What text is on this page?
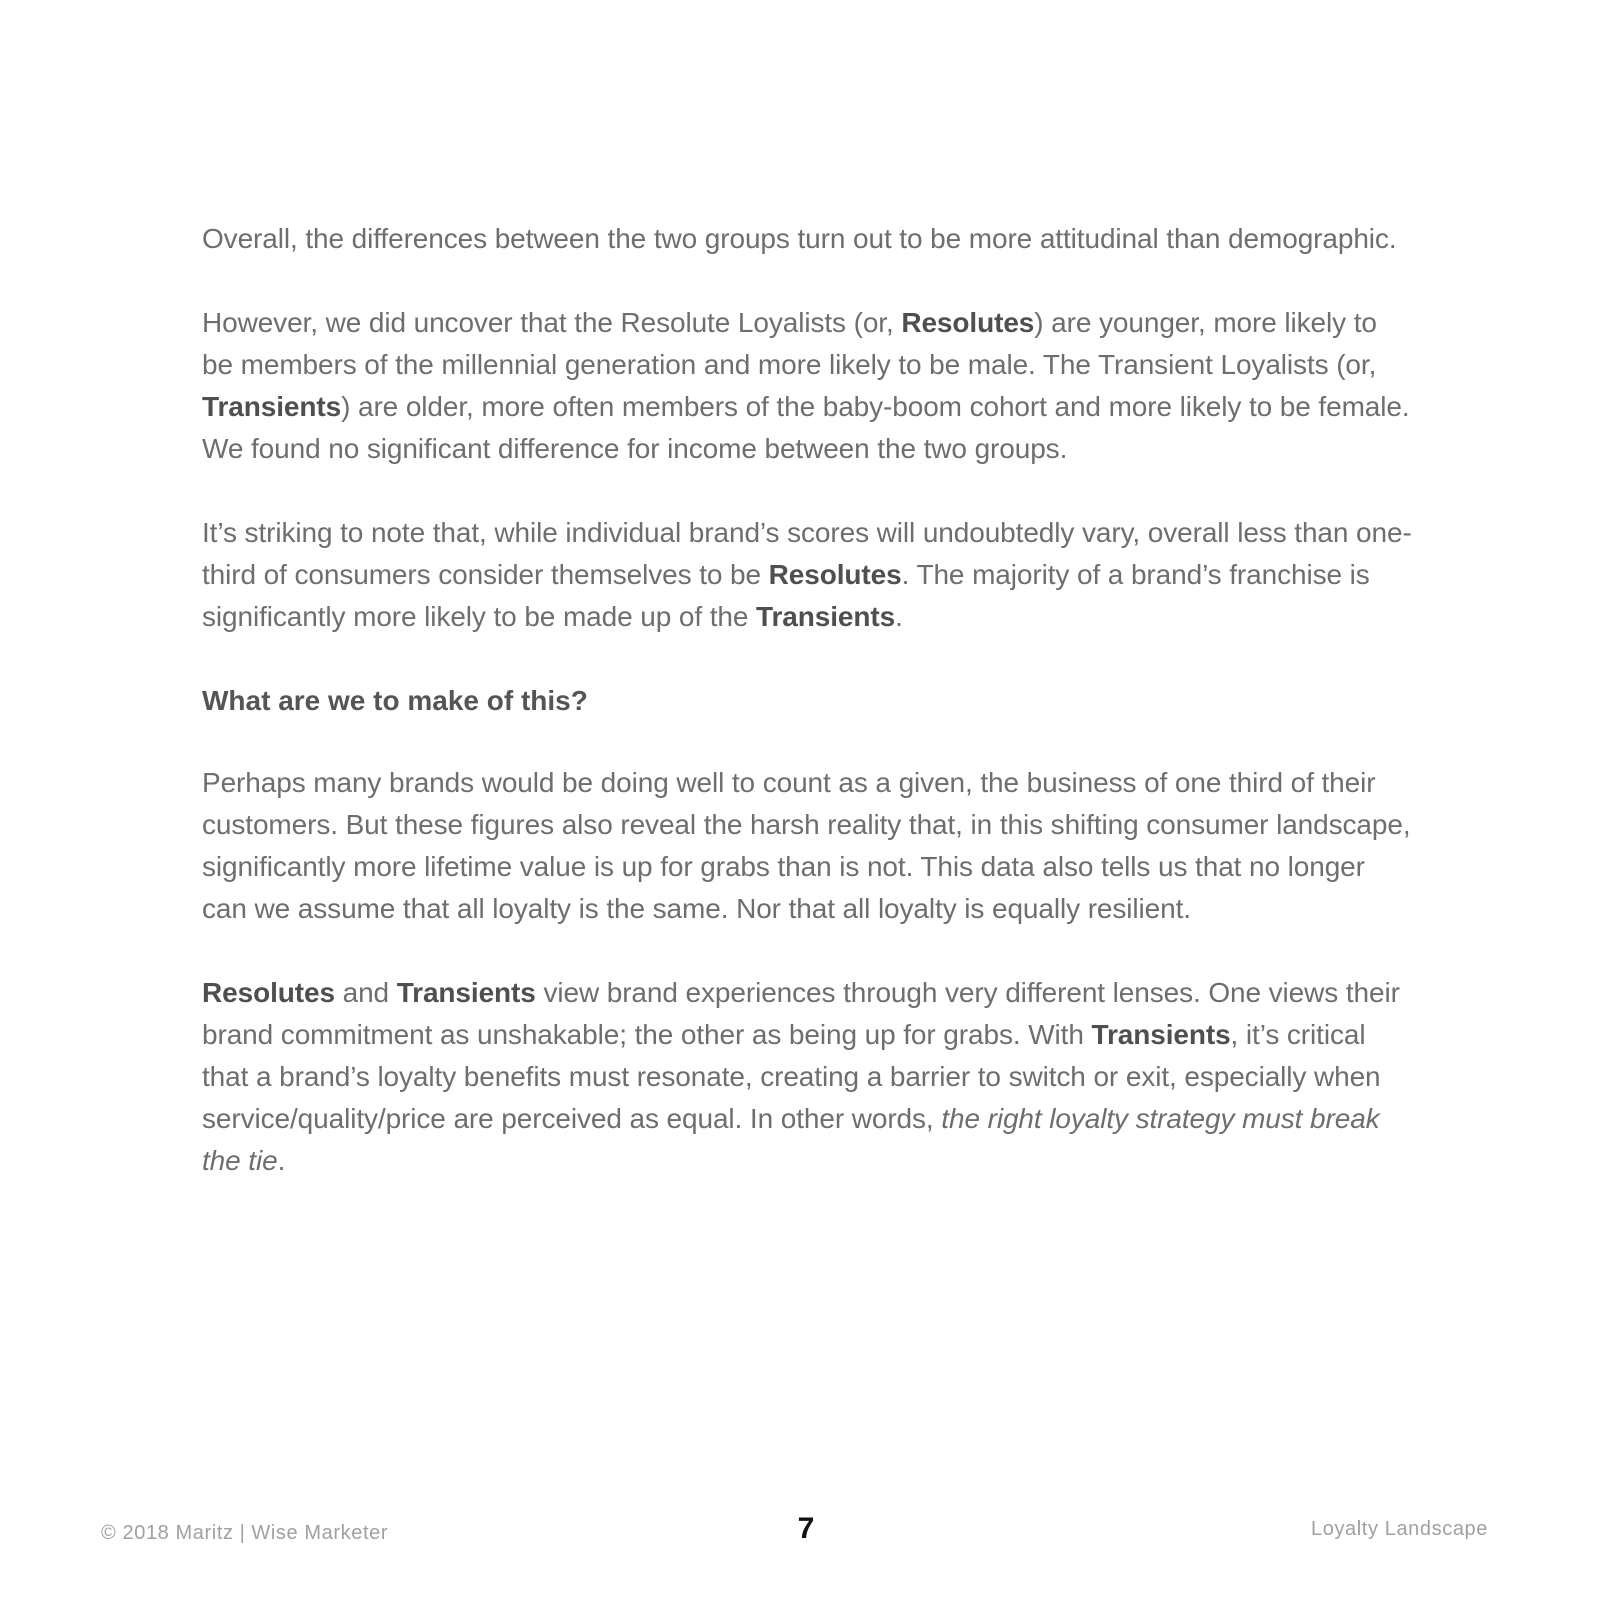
Overall, the differences between the two groups turn out to be more attitudinal than demographic.

However, we did uncover that the Resolute Loyalists (or, Resolutes) are younger, more likely to be members of the millennial generation and more likely to be male. The Transient Loyalists (or, Transients) are older, more often members of the baby-boom cohort and more likely to be female. We found no significant difference for income between the two groups.

It’s striking to note that, while individual brand’s scores will undoubtedly vary, overall less than one-third of consumers consider themselves to be Resolutes. The majority of a brand’s franchise is significantly more likely to be made up of the Transients.

What are we to make of this?

Perhaps many brands would be doing well to count as a given, the business of one third of their customers. But these figures also reveal the harsh reality that, in this shifting consumer landscape, significantly more lifetime value is up for grabs than is not. This data also tells us that no longer can we assume that all loyalty is the same. Nor that all loyalty is equally resilient.

Resolutes and Transients view brand experiences through very different lenses. One views their brand commitment as unshakable; the other as being up for grabs. With Transients, it’s critical that a brand’s loyalty benefits must resonate, creating a barrier to switch or exit, especially when service/quality/price are perceived as equal. In other words, the right loyalty strategy must break the tie.

© 2018 Maritz | Wise Marketer	7	Loyalty Landscape
